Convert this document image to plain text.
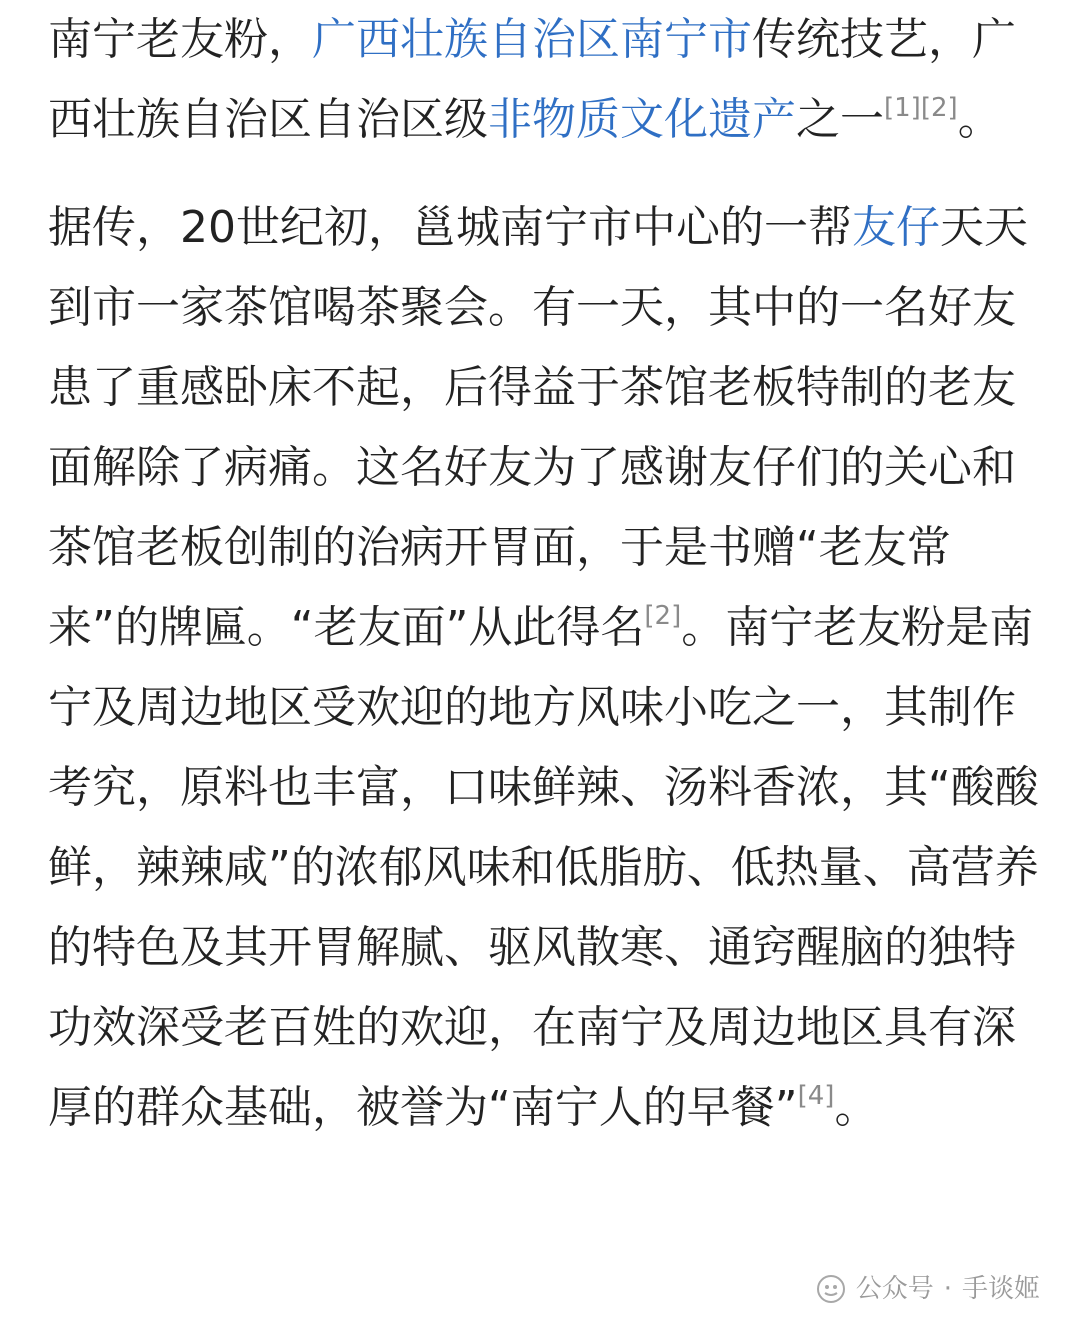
南宁老友粉，广西壮族自治区南宁市传统技艺，广西壮族自治区自治区级非物质文化遗产之一[1][2]。

据传，20世纪初，邕城南宁市中心的一帮友仔天天到市一家茶馆喝茶聚会。有一天，其中的一名好友患了重感卧床不起，后得益于茶馆老板特制的老友面解除了病痛。这名好友为了感谢友仔们的关心和茶馆老板创制的治病开胃面，于是书赠“老友常来”的牌匾。“老友面”从此得名[2]。南宁老友粉是南宁及周边地区受欢迎的地方风味小吃之一，其制作考究，原料也丰富，口味鲜辣、汤料香浓，其“酸酸鲜，辣辣咸”的浓郁风味和低脂肪、低热量、高营养的特色及其开胃解腻、驱风散寒、通窍醒脑的独特功效深受老百姓的欢迎，在南宁及周边地区具有深厚的群众基础，被誉为“南宁人的早餐”[4]。

公众号 · 手谈姬
